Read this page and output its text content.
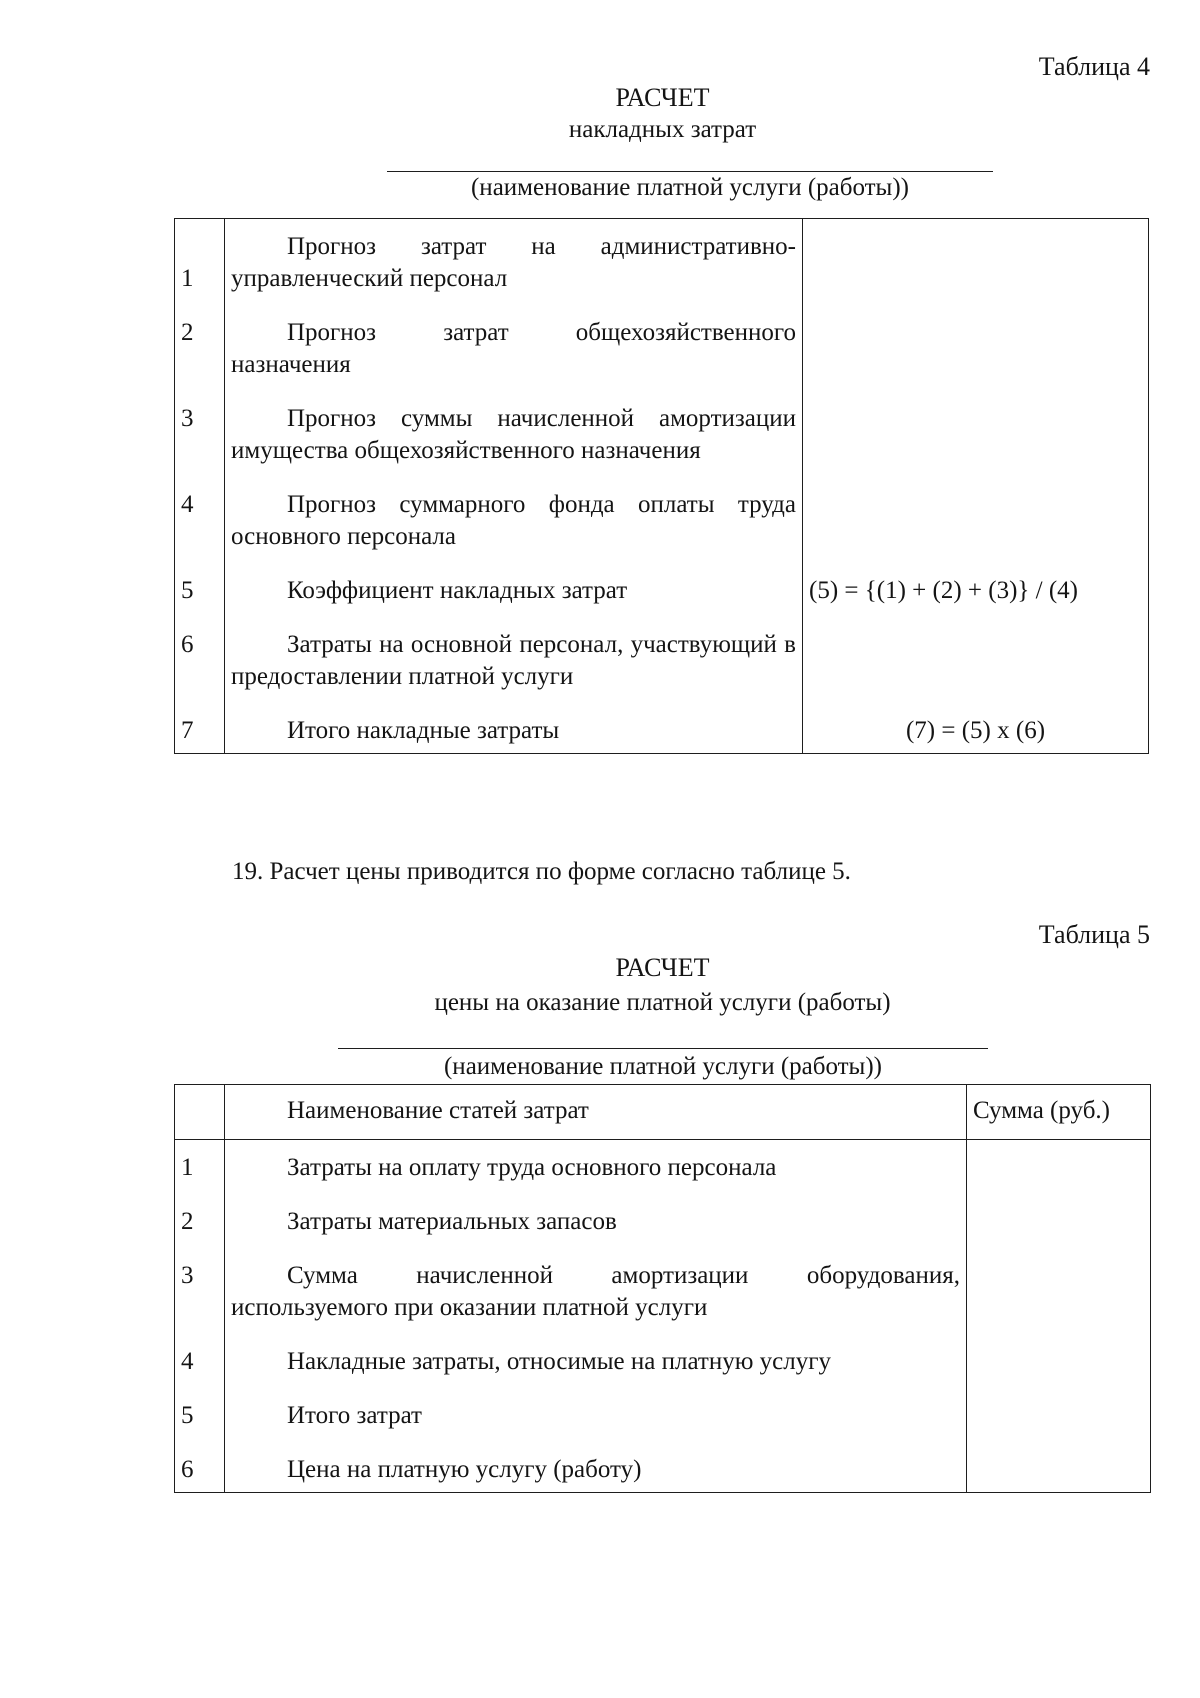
Таблица 4
РАСЧЕТ
накладных затрат
(наименование платной услуги (работы))
1	Прогноз затрат на административно-управленческий персонал	

2	Прогноз затрат общехозяйственного назначения	

3	Прогноз суммы начисленной амортизации имущества общехозяйственного назначения	

4	Прогноз суммарного фонда оплаты труда основного персонала	

5	Коэффициент накладных затрат	(5) = {(1) + (2) + (3)} / (4)
6	Затраты на основной персонал, участвующий в предоставлении платной услуги	

7	Итого накладные затраты	(7) = (5) x (6)
19. Расчет цены приводится по форме согласно таблице 5.
Таблица 5
РАСЧЕТ
цены на оказание платной услуги (работы)
(наименование платной услуги (работы))

	Наименование статей затрат	Сумма (руб.)
1	Затраты на оплату труда основного персонала	

2	Затраты материальных запасов	

3	Сумма начисленной амортизации оборудования, используемого при оказании платной услуги	

4	Накладные затраты, относимые на платную услугу	

5	Итого затрат	

6	Цена на платную услугу (работу)	
